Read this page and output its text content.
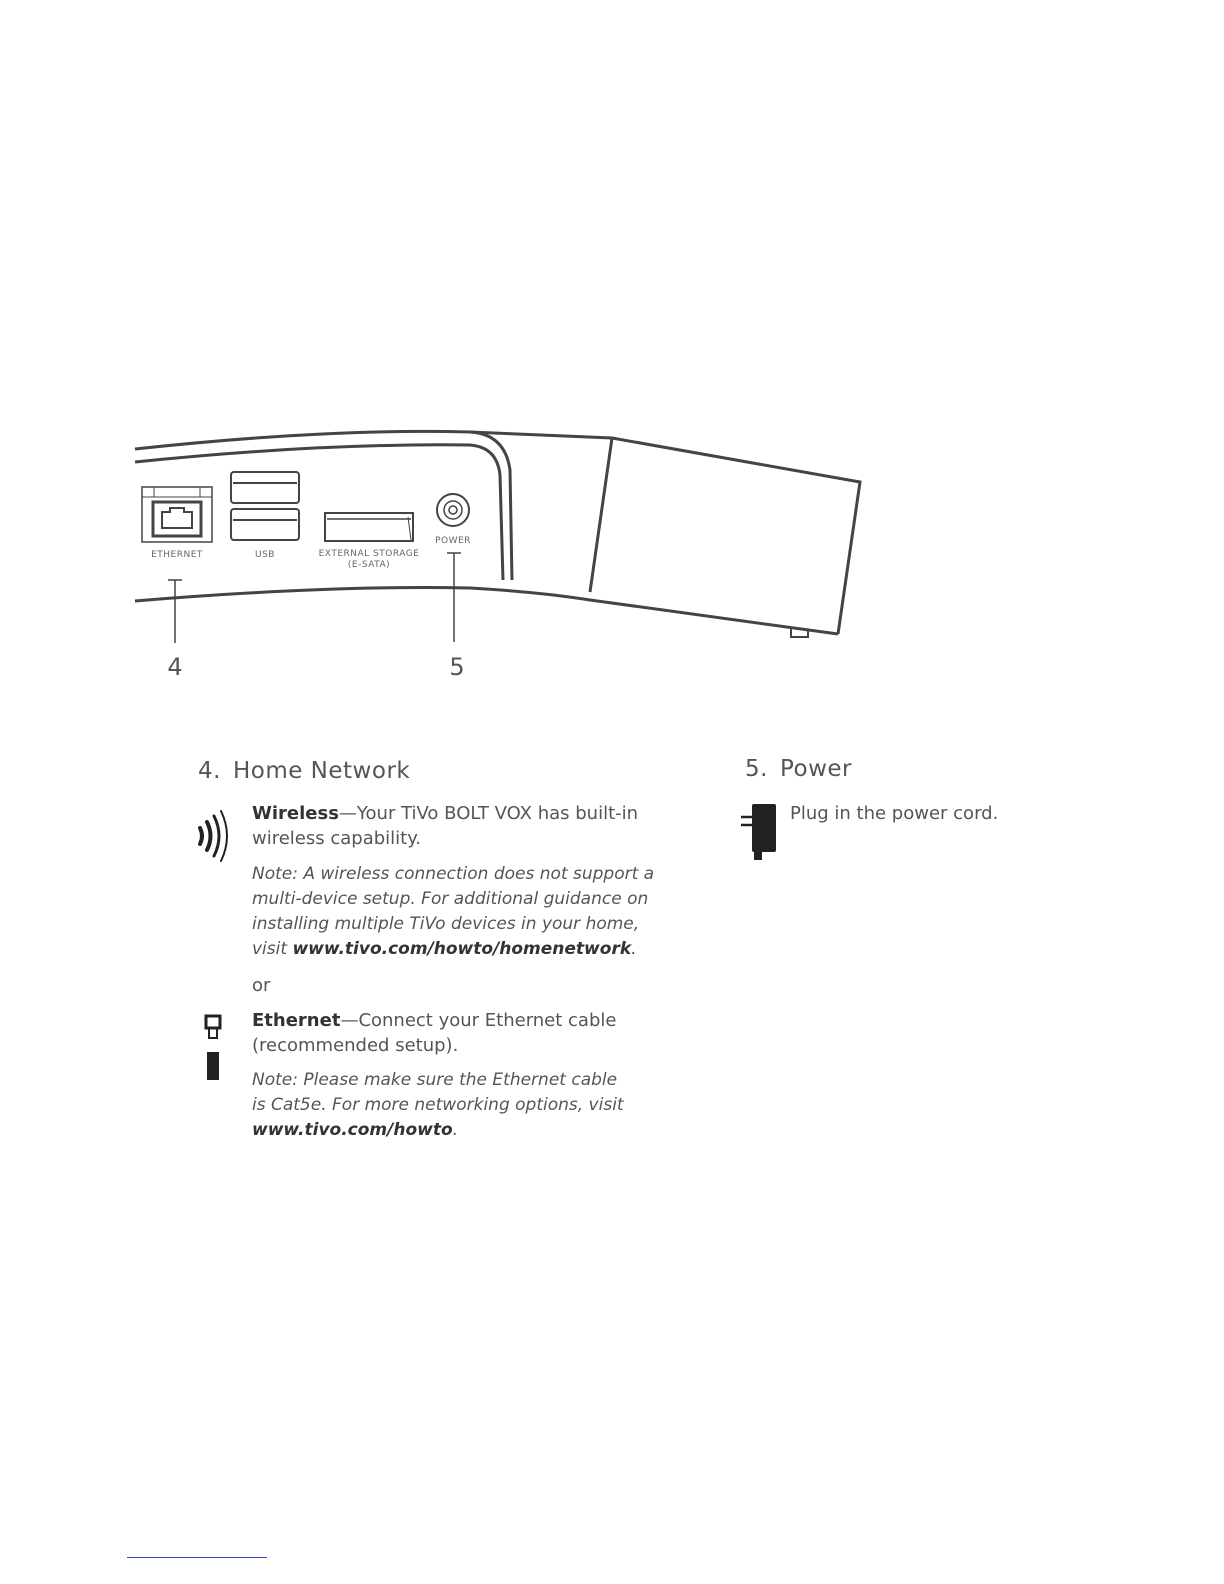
ETHERNET	USB	EXTERNAL STORAGE
(E-SATA)
POWER
4	5
4. Home Network
Wireless—Your TiVo BOLT VOX has built-in
wireless capability.
Note: A wireless connection does not support a
multi-device setup. For additional guidance on
installing multiple TiVo devices in your home,
visit www.tivo.com/howto/homenetwork.
or
Ethernet—Connect your Ethernet cable
(recommended setup).
Note: Please make sure the Ethernet cable
is Cat5e. For more networking options, visit
www.tivo.com/howto.
5. Power
Plug in the power cord.
